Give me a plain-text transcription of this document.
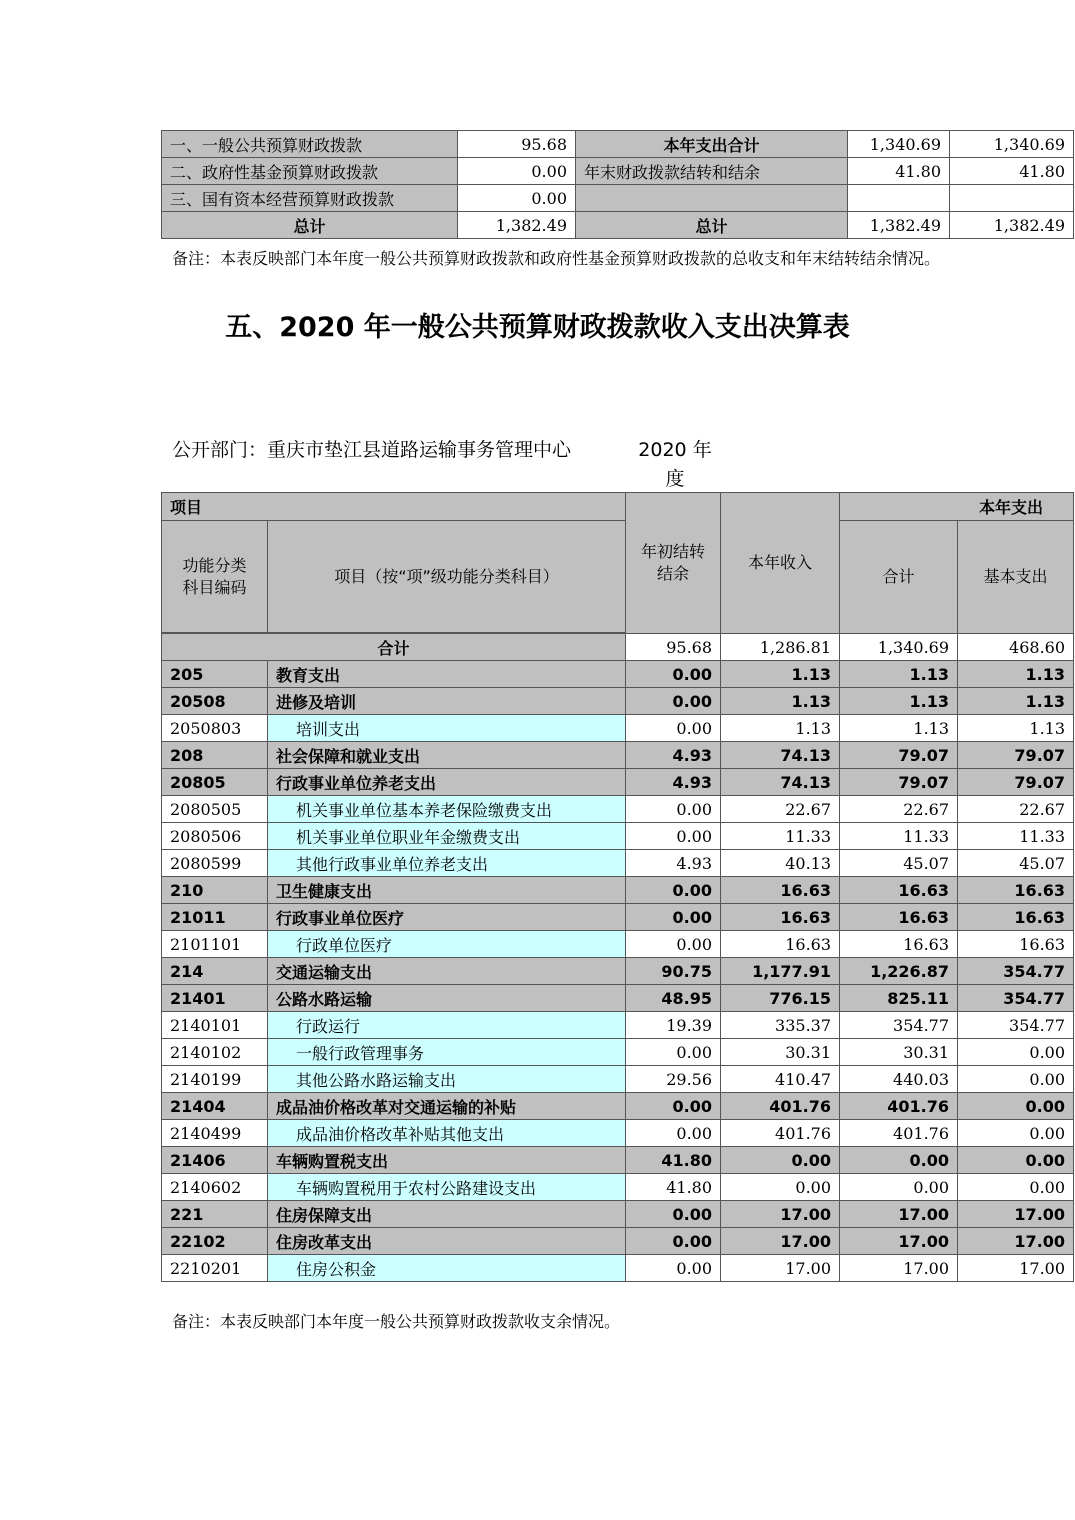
一、一般公共预算财政拨款	95.68	本年支出合计	1,340.69	1,340.69
二、政府性基金预算财政拨款	0.00	年末财政拨款结转和结余	41.80	41.80
三、国有资本经营预算财政拨款	0.00			
总计	1,382.49	总计	1,382.49	1,382.49
备注：本表反映部门本年度一般公共预算财政拨款和政府性基金预算财政拨款的总收支和年末结转结余情况。
五、2020 年一般公共预算财政拨款收入支出决算表
公开部门：重庆市垫江县道路运输事务管理中心	2020 年度
项目		年初结转结余	本年收入	本年支出	
功能分类科目编码	项目（按“项”级功能分类科目）			合计	基本支出

合计		95.68	1,286.81	1,340.69	468.60
205	教育支出	0.00	1.13	1.13	1.13
20508	进修及培训	0.00	1.13	1.13	1.13
2050803	培训支出	0.00	1.13	1.13	1.13
208	社会保障和就业支出	4.93	74.13	79.07	79.07
20805	行政事业单位养老支出	4.93	74.13	79.07	79.07
2080505	机关事业单位基本养老保险缴费支出	0.00	22.67	22.67	22.67
2080506	机关事业单位职业年金缴费支出	0.00	11.33	11.33	11.33
2080599	其他行政事业单位养老支出	4.93	40.13	45.07	45.07
210	卫生健康支出	0.00	16.63	16.63	16.63
21011	行政事业单位医疗	0.00	16.63	16.63	16.63
2101101	行政单位医疗	0.00	16.63	16.63	16.63
214	交通运输支出	90.75	1,177.91	1,226.87	354.77
21401	公路水路运输	48.95	776.15	825.11	354.77
2140101	行政运行	19.39	335.37	354.77	354.77
2140102	一般行政管理事务	0.00	30.31	30.31	0.00
2140199	其他公路水路运输支出	29.56	410.47	440.03	0.00
21404	成品油价格改革对交通运输的补贴	0.00	401.76	401.76	0.00
2140499	成品油价格改革补贴其他支出	0.00	401.76	401.76	0.00
21406	车辆购置税支出	41.80	0.00	0.00	0.00
2140602	车辆购置税用于农村公路建设支出	41.80	0.00	0.00	0.00
221	住房保障支出	0.00	17.00	17.00	17.00
22102	住房改革支出	0.00	17.00	17.00	17.00
2210201	住房公积金	0.00	17.00	17.00	17.00
备注：本表反映部门本年度一般公共预算财政拨款收支余情况。
